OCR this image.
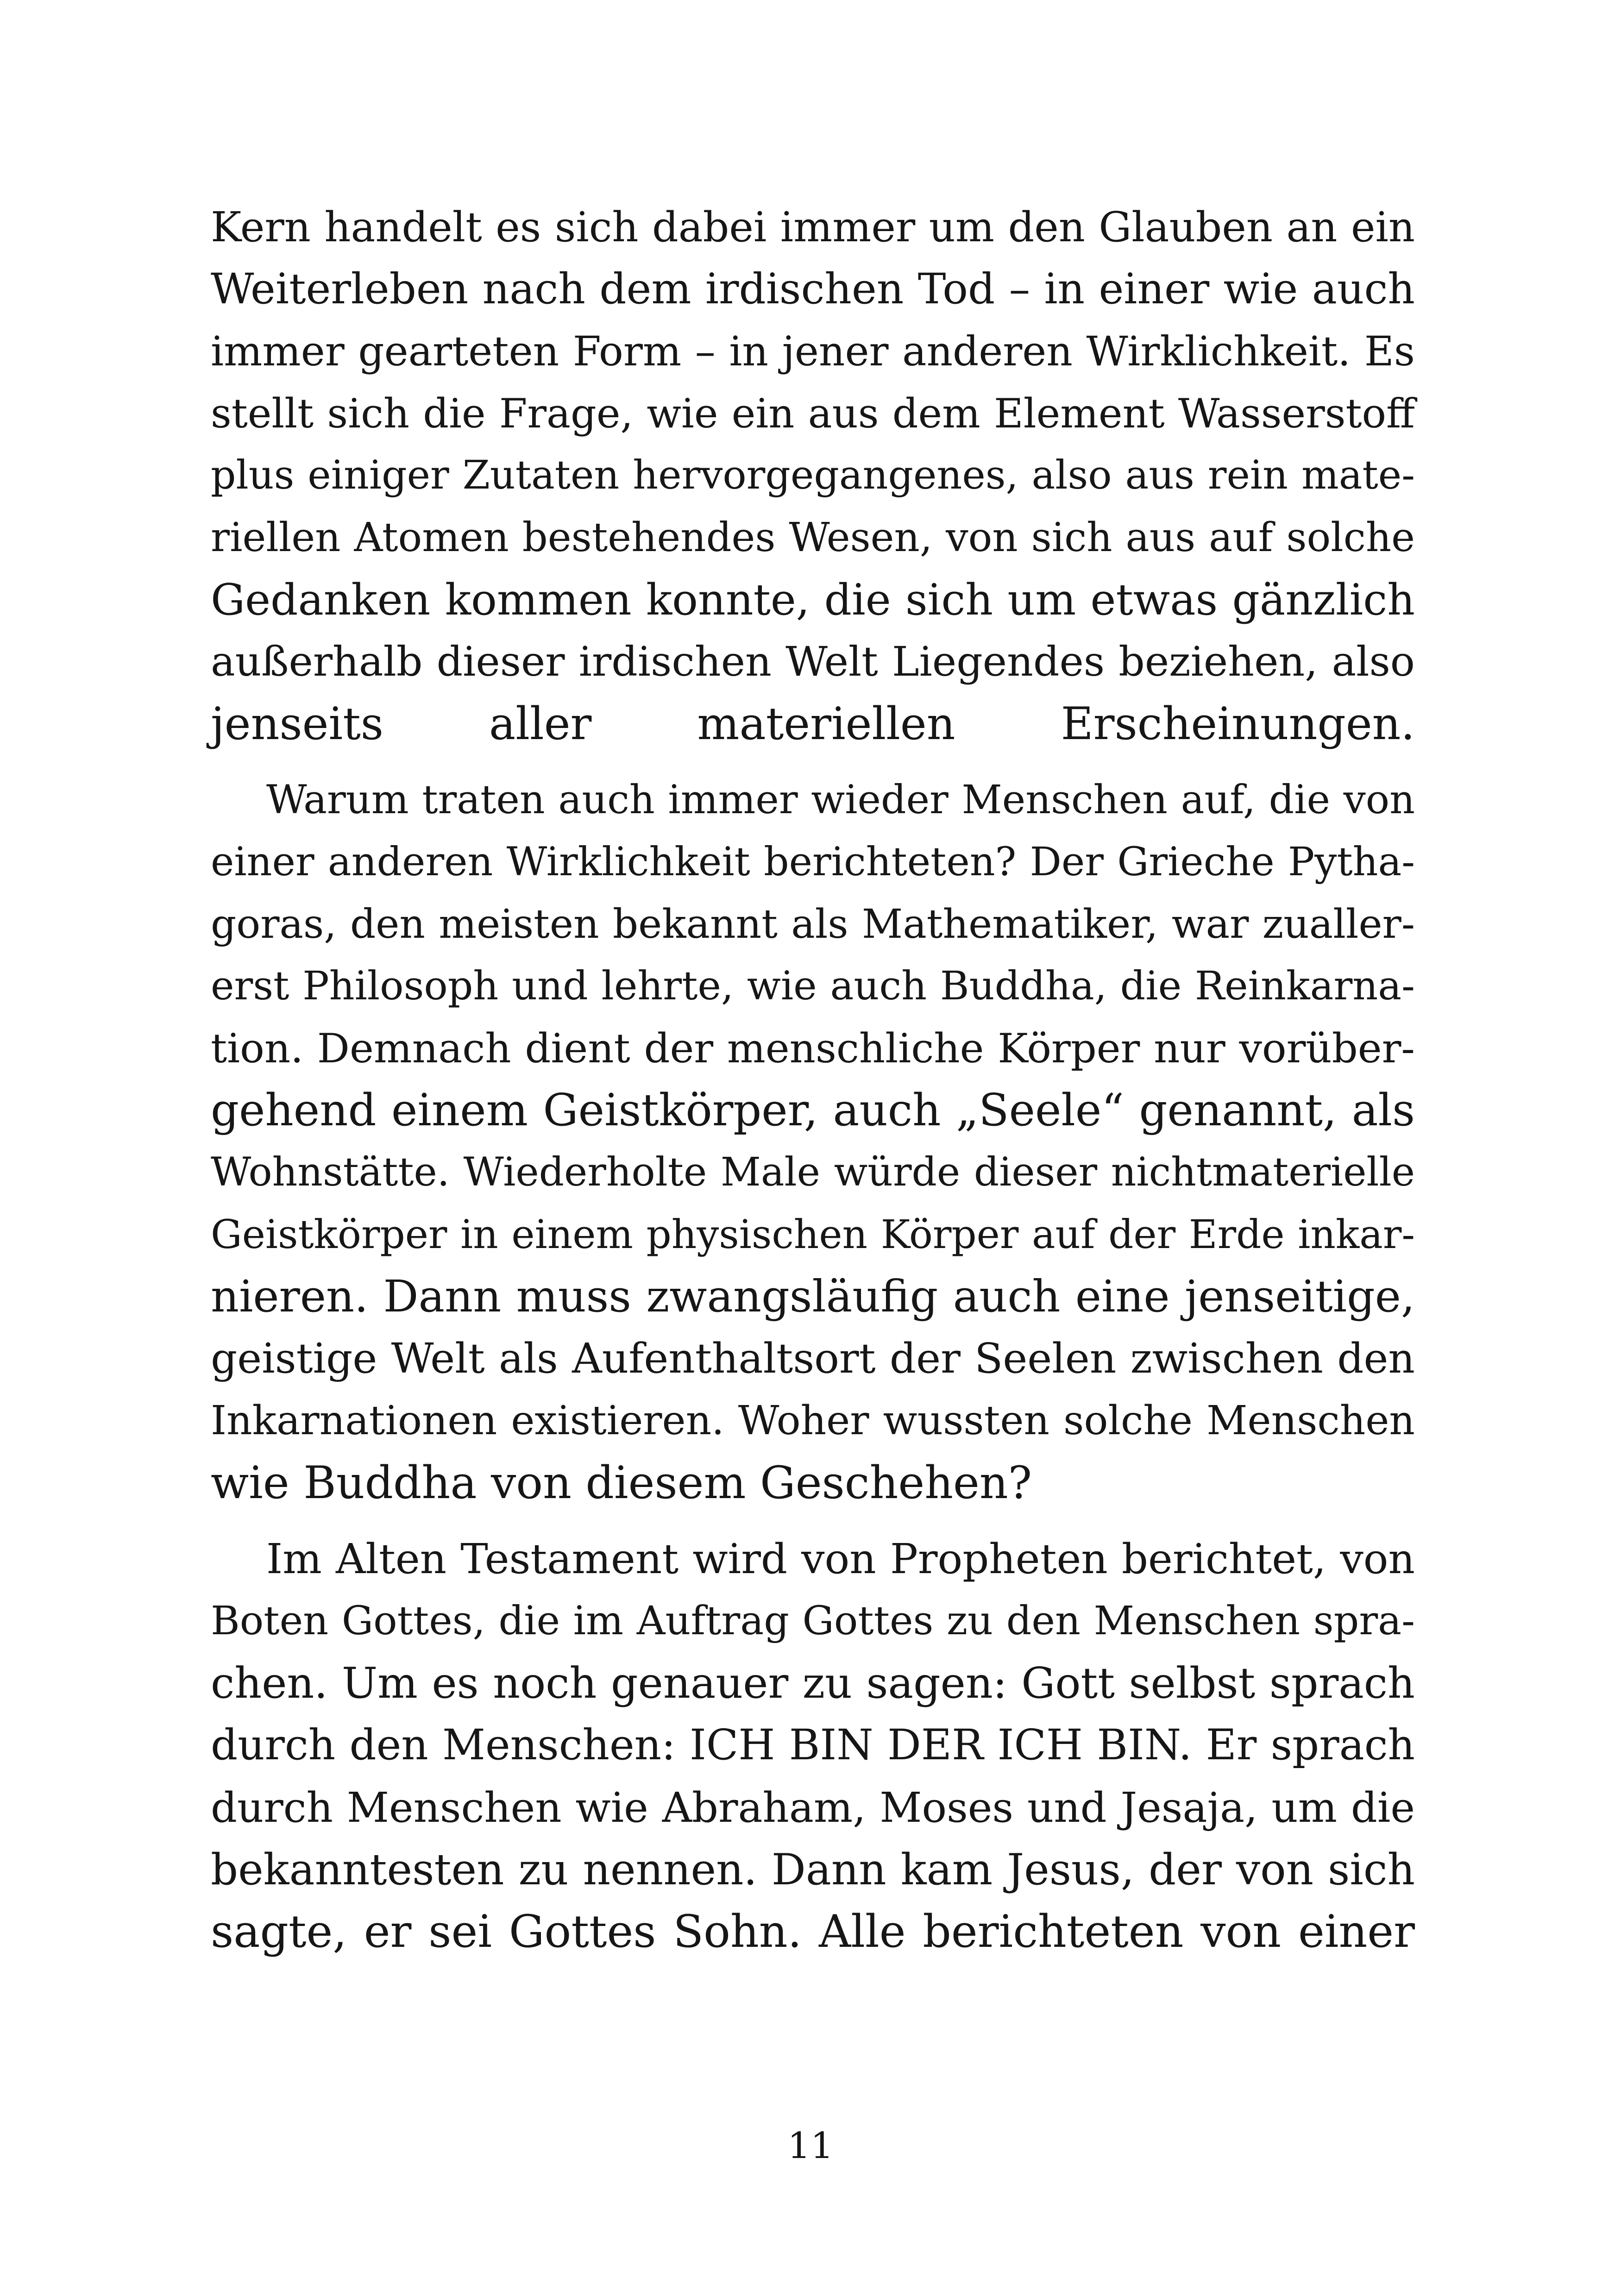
Kern handelt es sich dabei immer um den Glauben an ein
Weiterleben nach dem irdischen Tod – in einer wie auch
immer gearteten Form – in jener anderen Wirklichkeit. Es
stellt sich die Frage, wie ein aus dem Element Wasserstoff
plus einiger Zutaten hervorgegangenes, also aus rein mate-
riellen Atomen bestehendes Wesen, von sich aus auf solche
Gedanken kommen konnte, die sich um etwas gänzlich
außerhalb dieser irdischen Welt Liegendes beziehen, also
jenseits aller materiellen Erscheinungen.
Warum traten auch immer wieder Menschen auf, die von
einer anderen Wirklichkeit berichteten? Der Grieche Pytha-
goras, den meisten bekannt als Mathematiker, war zualler-
erst Philosoph und lehrte, wie auch Buddha, die Reinkarna-
tion. Demnach dient der menschliche Körper nur vorüber-
gehend einem Geistkörper, auch „Seele“ genannt, als
Wohnstätte. Wiederholte Male würde dieser nichtmaterielle
Geistkörper in einem physischen Körper auf der Erde inkar-
nieren. Dann muss zwangsläufig auch eine jenseitige,
geistige Welt als Aufenthaltsort der Seelen zwischen den
Inkarnationen existieren. Woher wussten solche Menschen
wie Buddha von diesem Geschehen?
Im Alten Testament wird von Propheten berichtet, von
Boten Gottes, die im Auftrag Gottes zu den Menschen spra-
chen. Um es noch genauer zu sagen: Gott selbst sprach
durch den Menschen: ICH BIN DER ICH BIN. Er sprach
durch Menschen wie Abraham, Moses und Jesaja, um die
bekanntesten zu nennen. Dann kam Jesus, der von sich
sagte, er sei Gottes Sohn. Alle berichteten von einer
11
